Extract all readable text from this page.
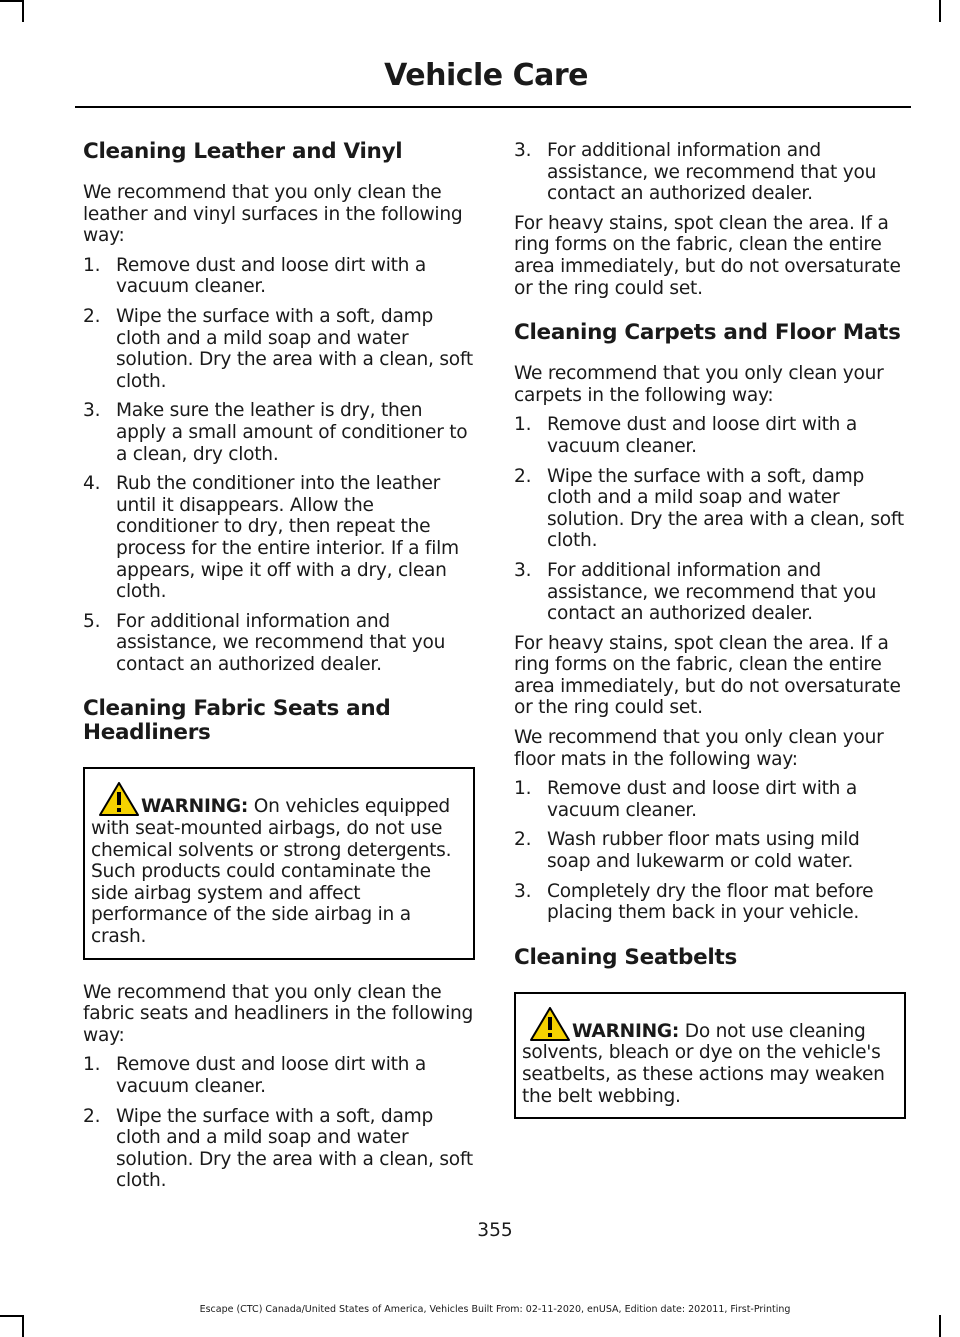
Vehicle Care
Cleaning Leather and Vinyl

We recommend that you only clean the leather and vinyl surfaces in the following way:

1. Remove dust and loose dirt with a vacuum cleaner.
2. Wipe the surface with a soft, damp cloth and a mild soap and water solution. Dry the area with a clean, soft cloth.
3. Make sure the leather is dry, then apply a small amount of conditioner to a clean, dry cloth.
4. Rub the conditioner into the leather until it disappears. Allow the conditioner to dry, then repeat the process for the entire interior. If a film appears, wipe it off with a dry, clean cloth.
5. For additional information and assistance, we recommend that you contact an authorized dealer.
Cleaning Fabric Seats and Headliners
WARNING: On vehicles equipped with seat-mounted airbags, do not use chemical solvents or strong detergents. Such products could contaminate the side airbag system and affect performance of the side airbag in a crash.

We recommend that you only clean the fabric seats and headliners in the following way:

1. Remove dust and loose dirt with a vacuum cleaner.
2. Wipe the surface with a soft, damp cloth and a mild soap and water solution. Dry the area with a clean, soft cloth.
3. For additional information and assistance, we recommend that you contact an authorized dealer.

For heavy stains, spot clean the area. If a ring forms on the fabric, clean the entire area immediately, but do not oversaturate or the ring could set.

Cleaning Carpets and Floor Mats

We recommend that you only clean your carpets in the following way:

1. Remove dust and loose dirt with a vacuum cleaner.
2. Wipe the surface with a soft, damp cloth and a mild soap and water solution. Dry the area with a clean, soft cloth.
3. For additional information and assistance, we recommend that you contact an authorized dealer.

For heavy stains, spot clean the area. If a ring forms on the fabric, clean the entire area immediately, but do not oversaturate or the ring could set.

We recommend that you only clean your floor mats in the following way:

1. Remove dust and loose dirt with a vacuum cleaner.
2. Wash rubber floor mats using mild soap and lukewarm or cold water.
3. Completely dry the floor mat before placing them back in your vehicle.
Cleaning Seatbelts
WARNING: Do not use cleaning solvents, bleach or dye on the vehicle's seatbelts, as these actions may weaken the belt webbing.
355
Escape (CTC) Canada/United States of America, Vehicles Built From: 02-11-2020, enUSA, Edition date: 202011, First-Printing
